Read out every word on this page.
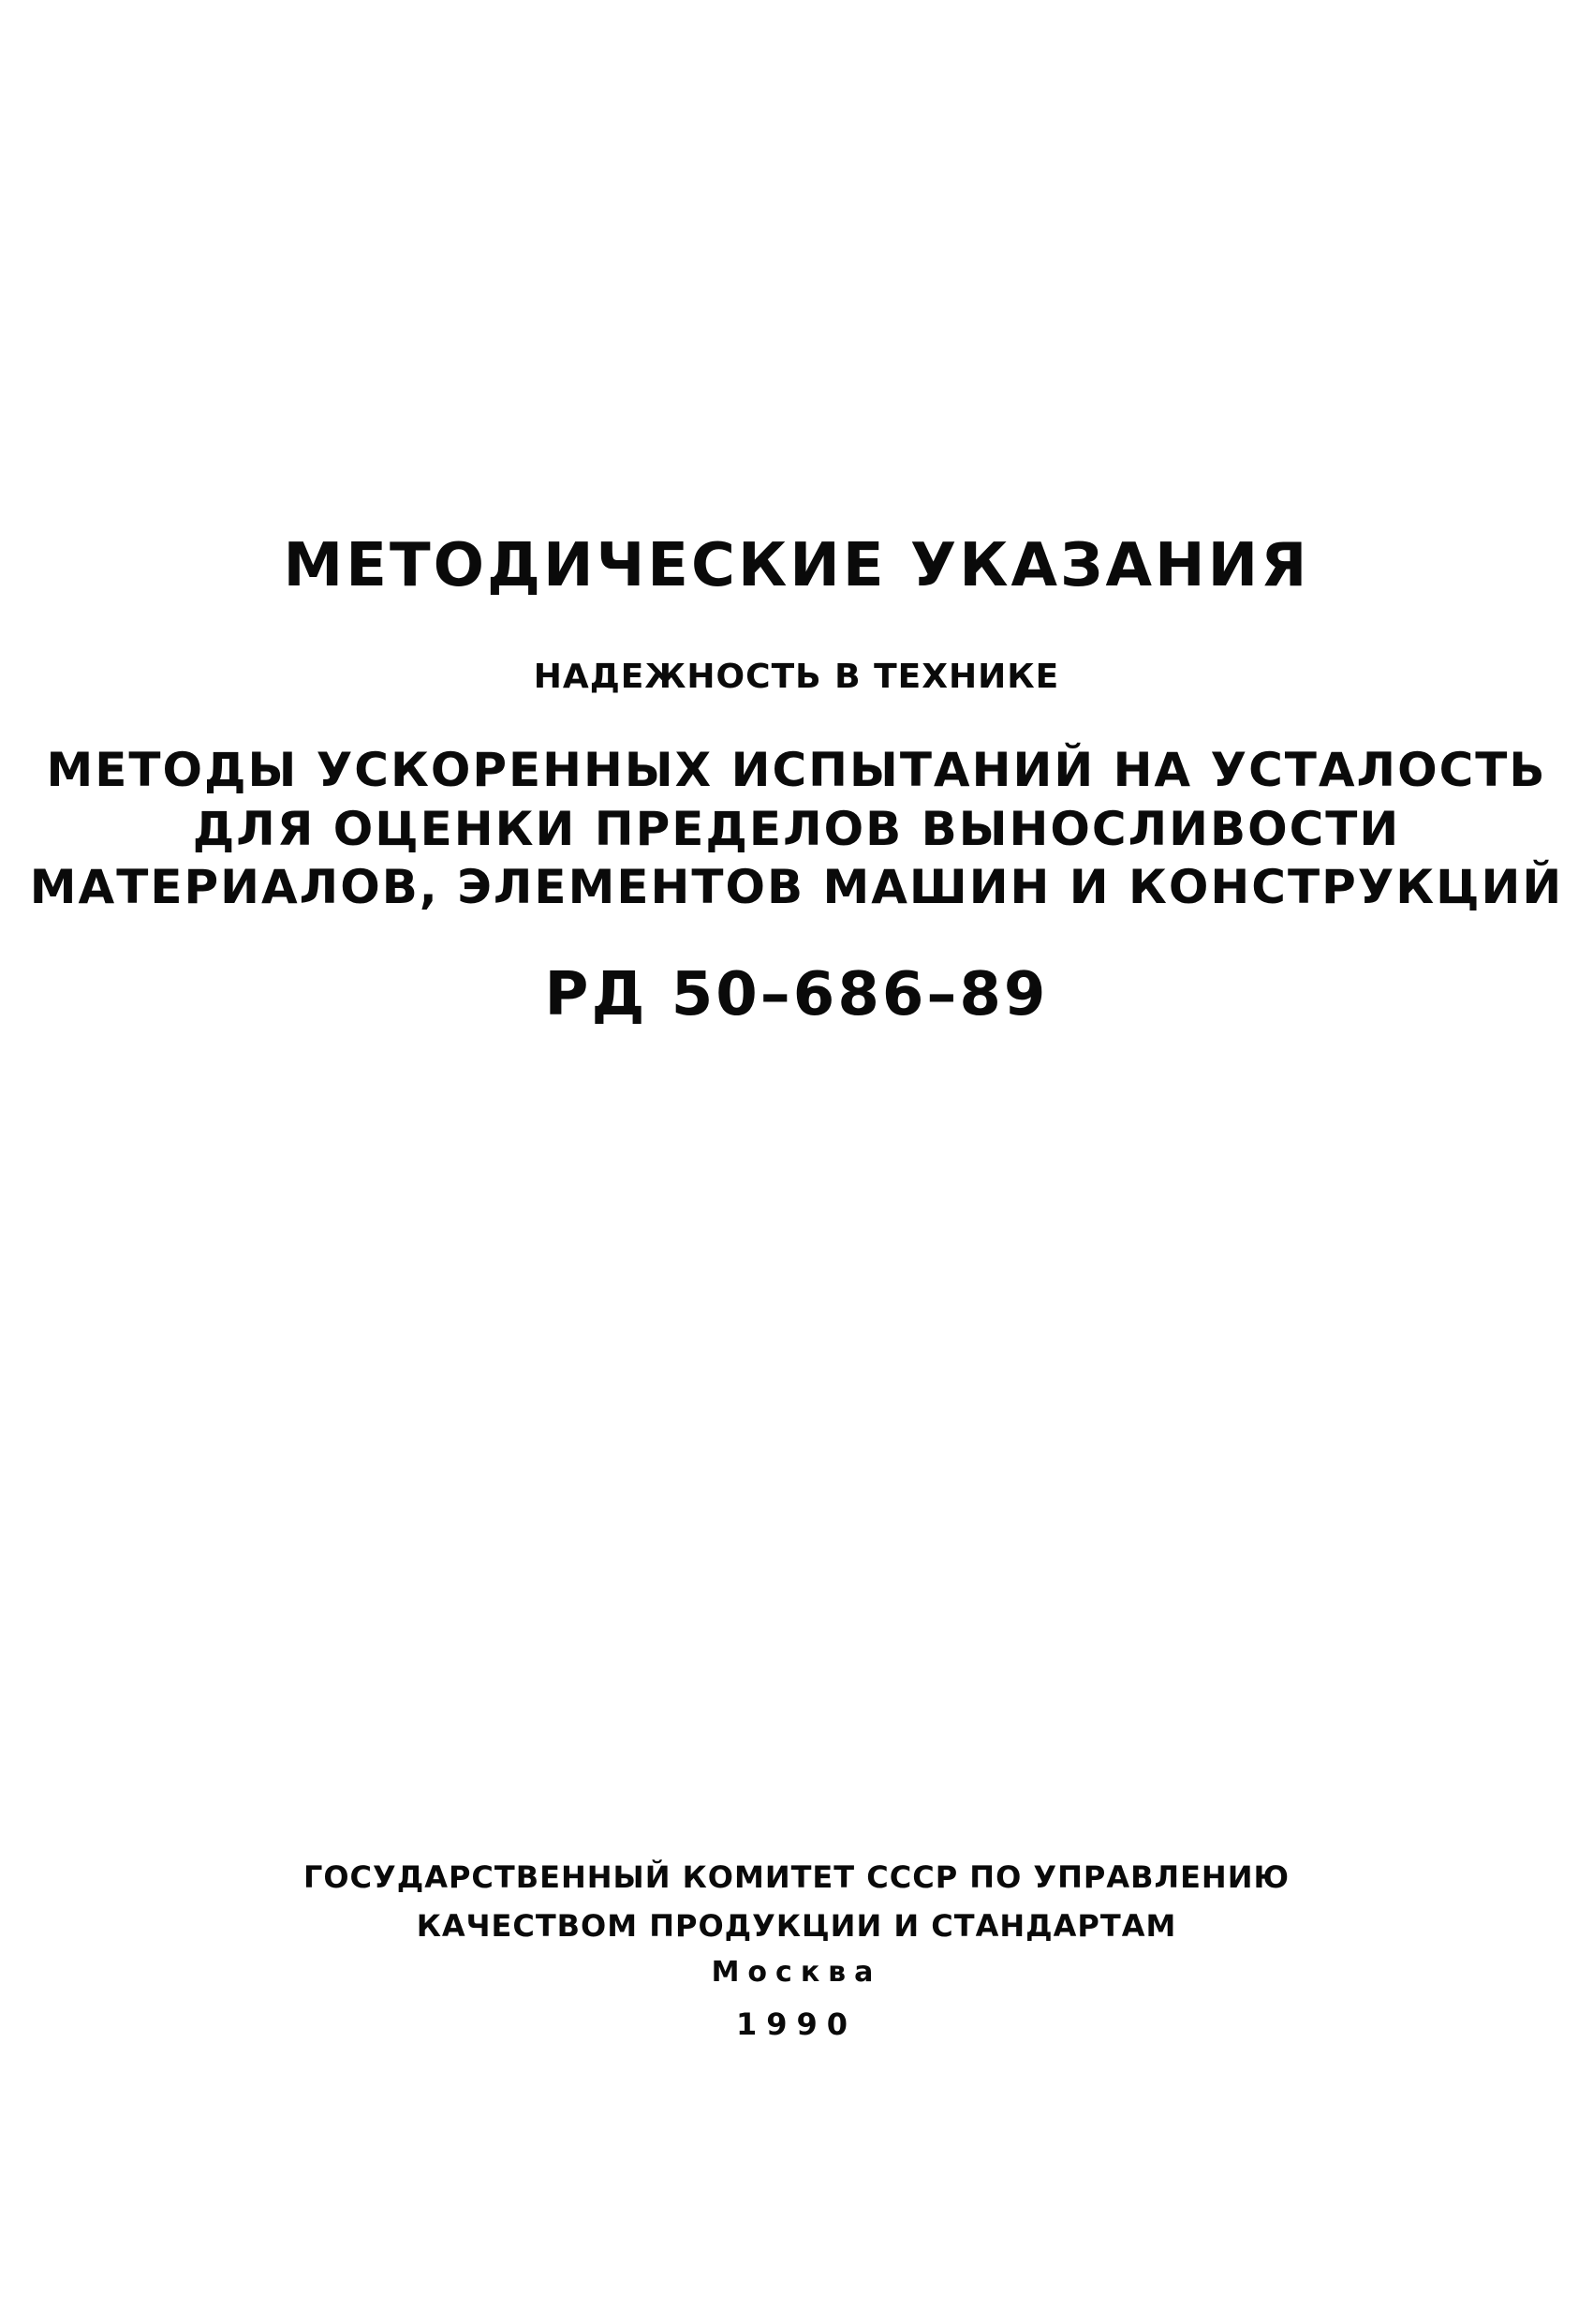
МЕТОДИЧЕСКИЕ УКАЗАНИЯ
НАДЕЖНОСТЬ В ТЕХНИКЕ
МЕТОДЫ УСКОРЕННЫХ ИСПЫТАНИЙ НА УСТАЛОСТЬ
ДЛЯ ОЦЕНКИ ПРЕДЕЛОВ ВЫНОСЛИВОСТИ
МАТЕРИАЛОВ, ЭЛЕМЕНТОВ МАШИН И КОНСТРУКЦИЙ
РД 50–686–89
ГОСУДАРСТВЕННЫЙ КОМИТЕТ СССР ПО УПРАВЛЕНИЮ
КАЧЕСТВОМ ПРОДУКЦИИ И СТАНДАРТАМ
Москва
1990
